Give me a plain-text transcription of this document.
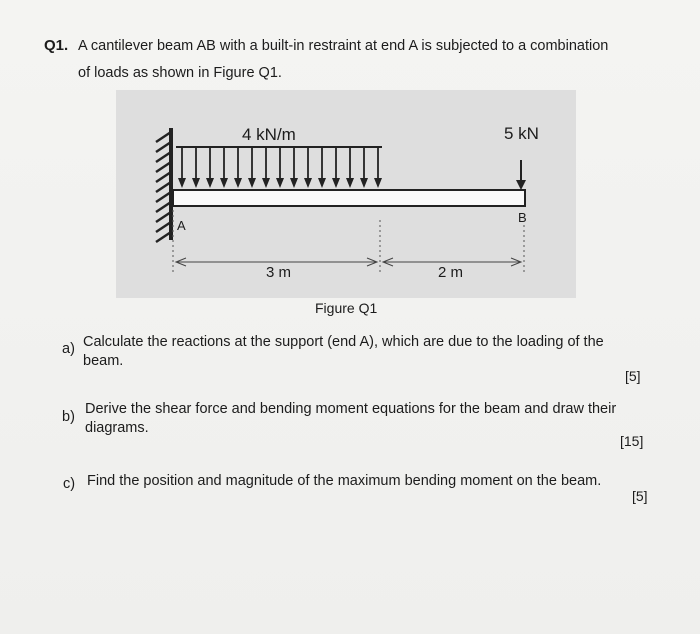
Q1. A cantilever beam AB with a built-in restraint at end A is subjected to a combination
of loads as shown in Figure Q1.
4 kN/m	5 kN
A
B
3 m	2 m
Figure Q1
a) Calculate the reactions at the support (end A), which are due to the loading of the
beam.
[5]
b) Derive the shear force and bending moment equations for the beam and draw their
diagrams.
[15]
c) Find the position and magnitude of the maximum bending moment on the beam.
[5]
